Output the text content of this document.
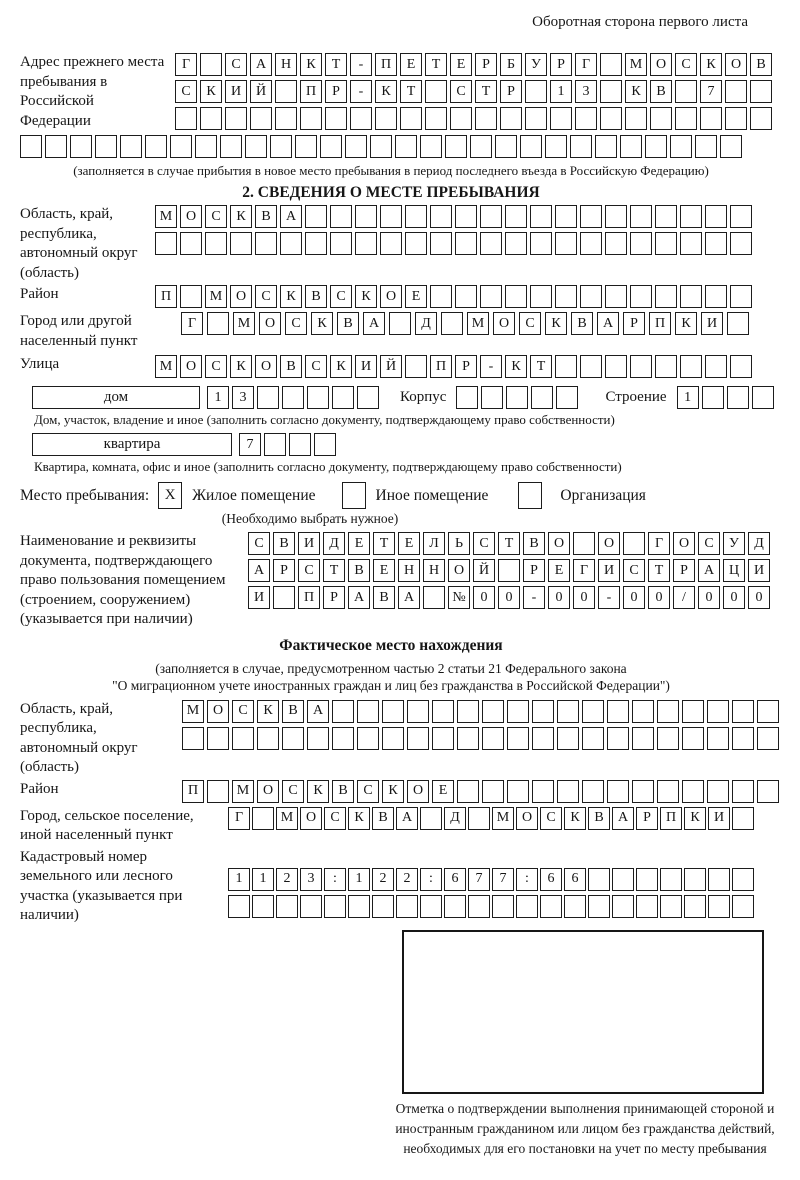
Оборотная сторона первого листа
Адрес прежнего места пребывания в Российской Федерации
Г	С	А	Н	К	Т	-	П	Е	Т	Е	Р	Б	У	Р	Г	М О	С	К	О	В
С	К	И	Й	П	Р	-	К	Т	С	Т	Р	1	3	К	В	7
(заполняется в случае прибытия в новое место пребывания в период последнего въезда в Российскую Федерацию)
2. СВЕДЕНИЯ О МЕСТЕ ПРЕБЫВАНИЯ
Область, край, республика, автономный округ (область)
М О	С	К	В	А
Район	П	М О	С	К	В	С	К	О	Е
Город или другой населенный пункт
Г	М	О	С	К	В	А	Д	М	О	С	К	В	А	Р	П	К	И
Улица	М О	С	К	О	В	С	К	И	Й	П	Р	-	К	Т
дом	1	3	Корпус	Строение	1
Дом, участок, владение и иное (заполнить согласно документу, подтверждающему право собственности)
квартира	7
Квартира, комната, офис и иное (заполнить согласно документу, подтверждающему право собственности)
Место пребывания:	X	Жилое помещение	Иное помещение	Организация
(Необходимо выбрать нужное)
Наименование и реквизиты документа, подтверждающего право пользования помещением (строением, сооружением) (указывается при наличии)
С	В	И	Д	Е	Т	Е	Л	Ь	С	Т	В	О	О	Г	О	С	У	Д
А	Р	С	Т	В	Е	Н	Н	О	Й	Р	Е	Г	И	С	Т	Р	А	Ц	И
И	П	Р	А	В	А	№	0	0	-	0	0	-	0	0	/	0	0	0
Фактическое место нахождения
(заполняется в случае, предусмотренном частью 2 статьи 21 Федерального закона
"О миграционном учете иностранных граждан и лиц без гражданства в Российской Федерации")
Область, край, республика, автономный округ (область)
М О	С	К	В	А
Район	П	М О	С	К	В	С	К	О	Е
Город, сельское поселение, иной населенный пункт
Г	М О	С	К	В	А	Д	М О	С	К	В	А	Р	П	К	И
Кадастровый номер земельного или лесного участка (указывается при наличии)
1	1	2	3	:	1	2	2	:	6	7	7	:	6	6
Отметка о подтверждении выполнения принимающей стороной и иностранным гражданином или лицом без гражданства действий, необходимых для его постановки на учет по месту пребывания
